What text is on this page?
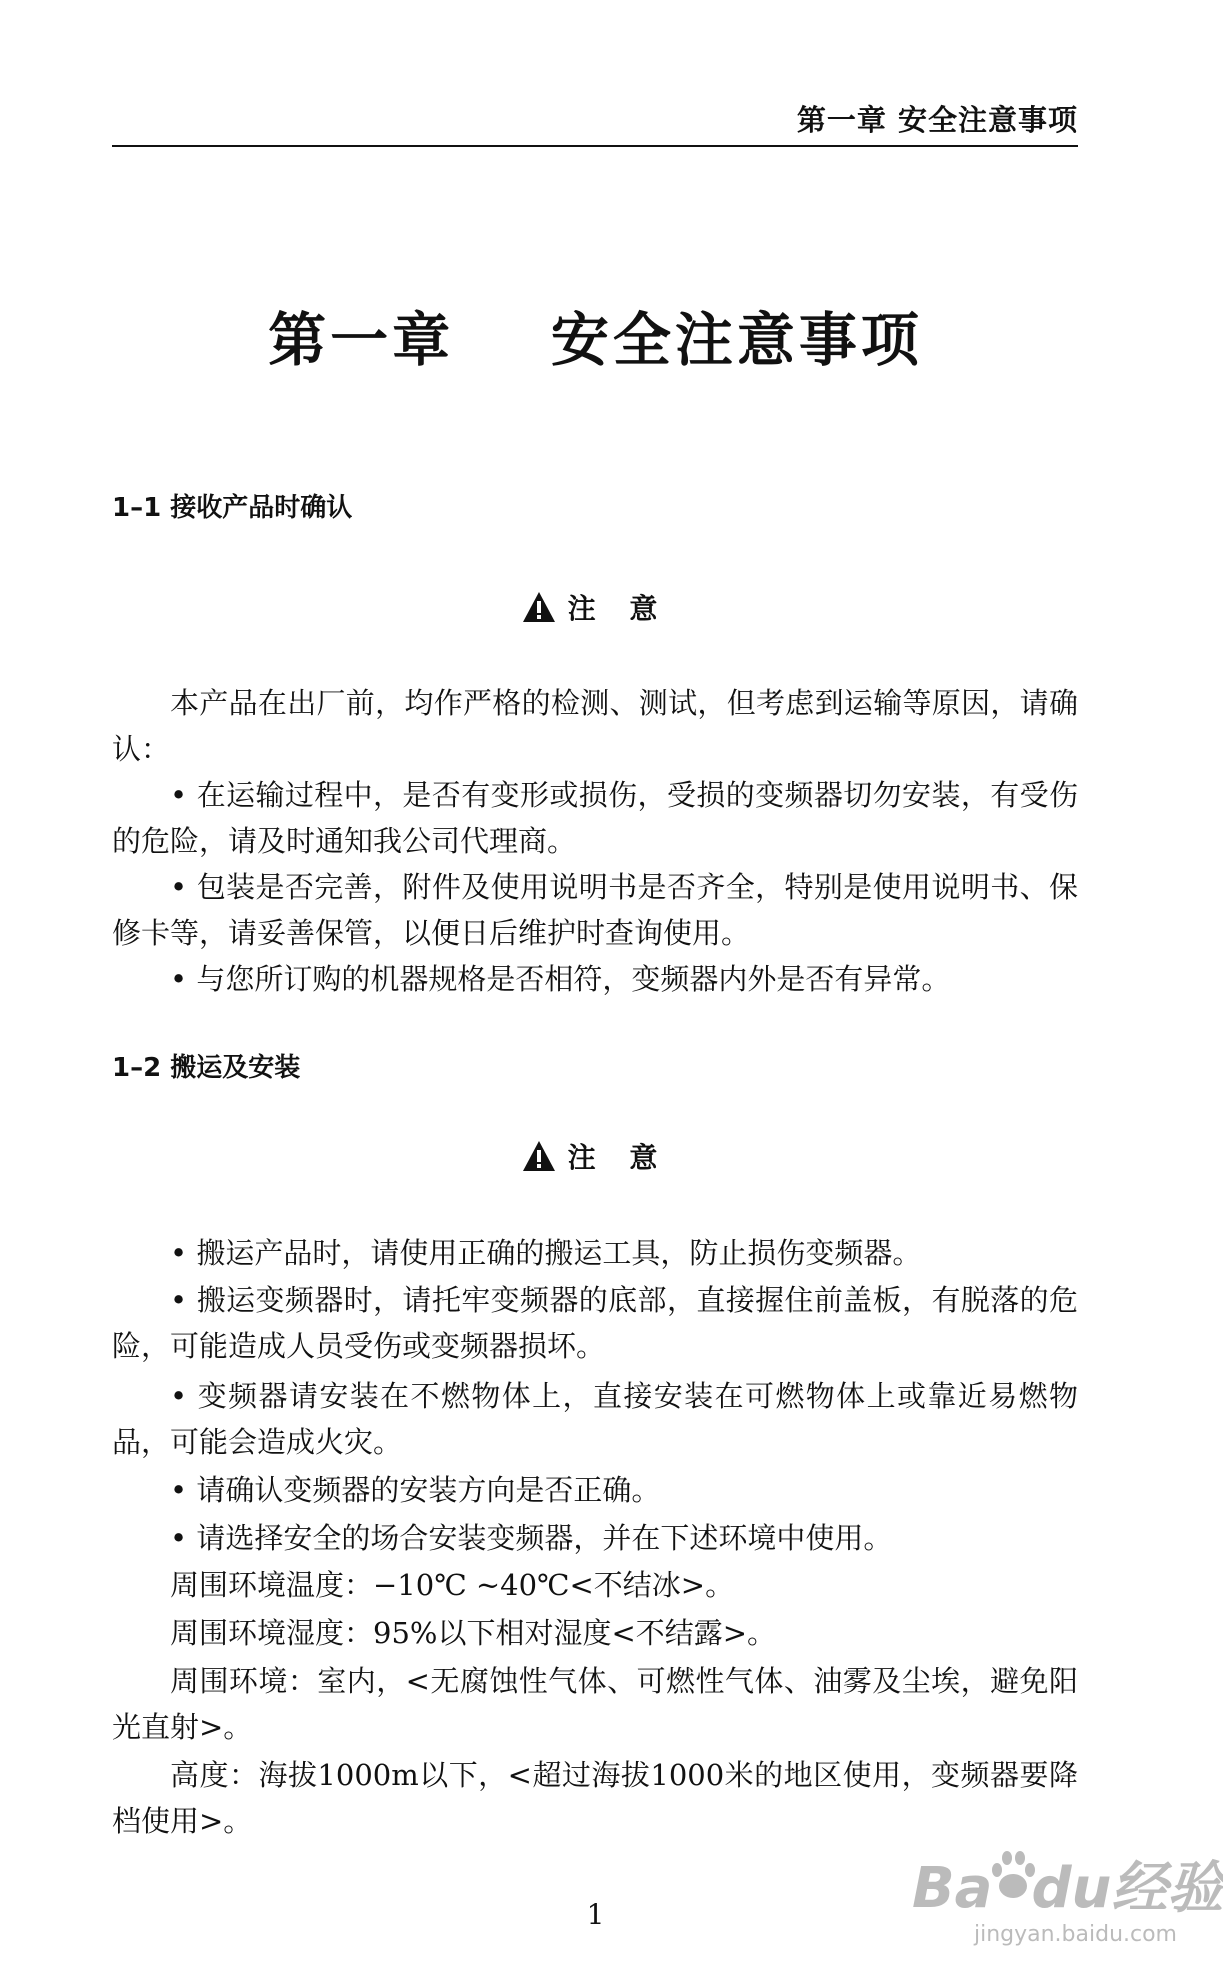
第一章 安全注意事项
第一章    安全注意事项
1–1 接收产品时确认
注 意
本产品在出厂前，均作严格的检测、测试，但考虑到运输等原因，请确认：
• 在运输过程中，是否有变形或损伤，受损的变频器切勿安装，有受伤的危险，请及时通知我公司代理商。
• 包装是否完善，附件及使用说明书是否齐全，特别是使用说明书、保修卡等，请妥善保管，以便日后维护时查询使用。
• 与您所订购的机器规格是否相符，变频器内外是否有异常。
1–2 搬运及安装
注 意
• 搬运产品时，请使用正确的搬运工具，防止损伤变频器。
• 搬运变频器时，请托牢变频器的底部，直接握住前盖板，有脱落的危险，可能造成人员受伤或变频器损坏。
• 变频器请安装在不燃物体上，直接安装在可燃物体上或靠近易燃物品，可能会造成火灾。
• 请确认变频器的安装方向是否正确。
• 请选择安全的场合安装变频器，并在下述环境中使用。
周围环境温度：−10℃ ~40℃<不结冰>。
周围环境湿度：95%以下相对湿度<不结露>。
周围环境：室内，<无腐蚀性气体、可燃性气体、油雾及尘埃，避免阳光直射>。
高度：海拔1000m以下，<超过海拔1000米的地区使用，变频器要降档使用>。
1	Ba  du经验
jingyan.baidu.com
